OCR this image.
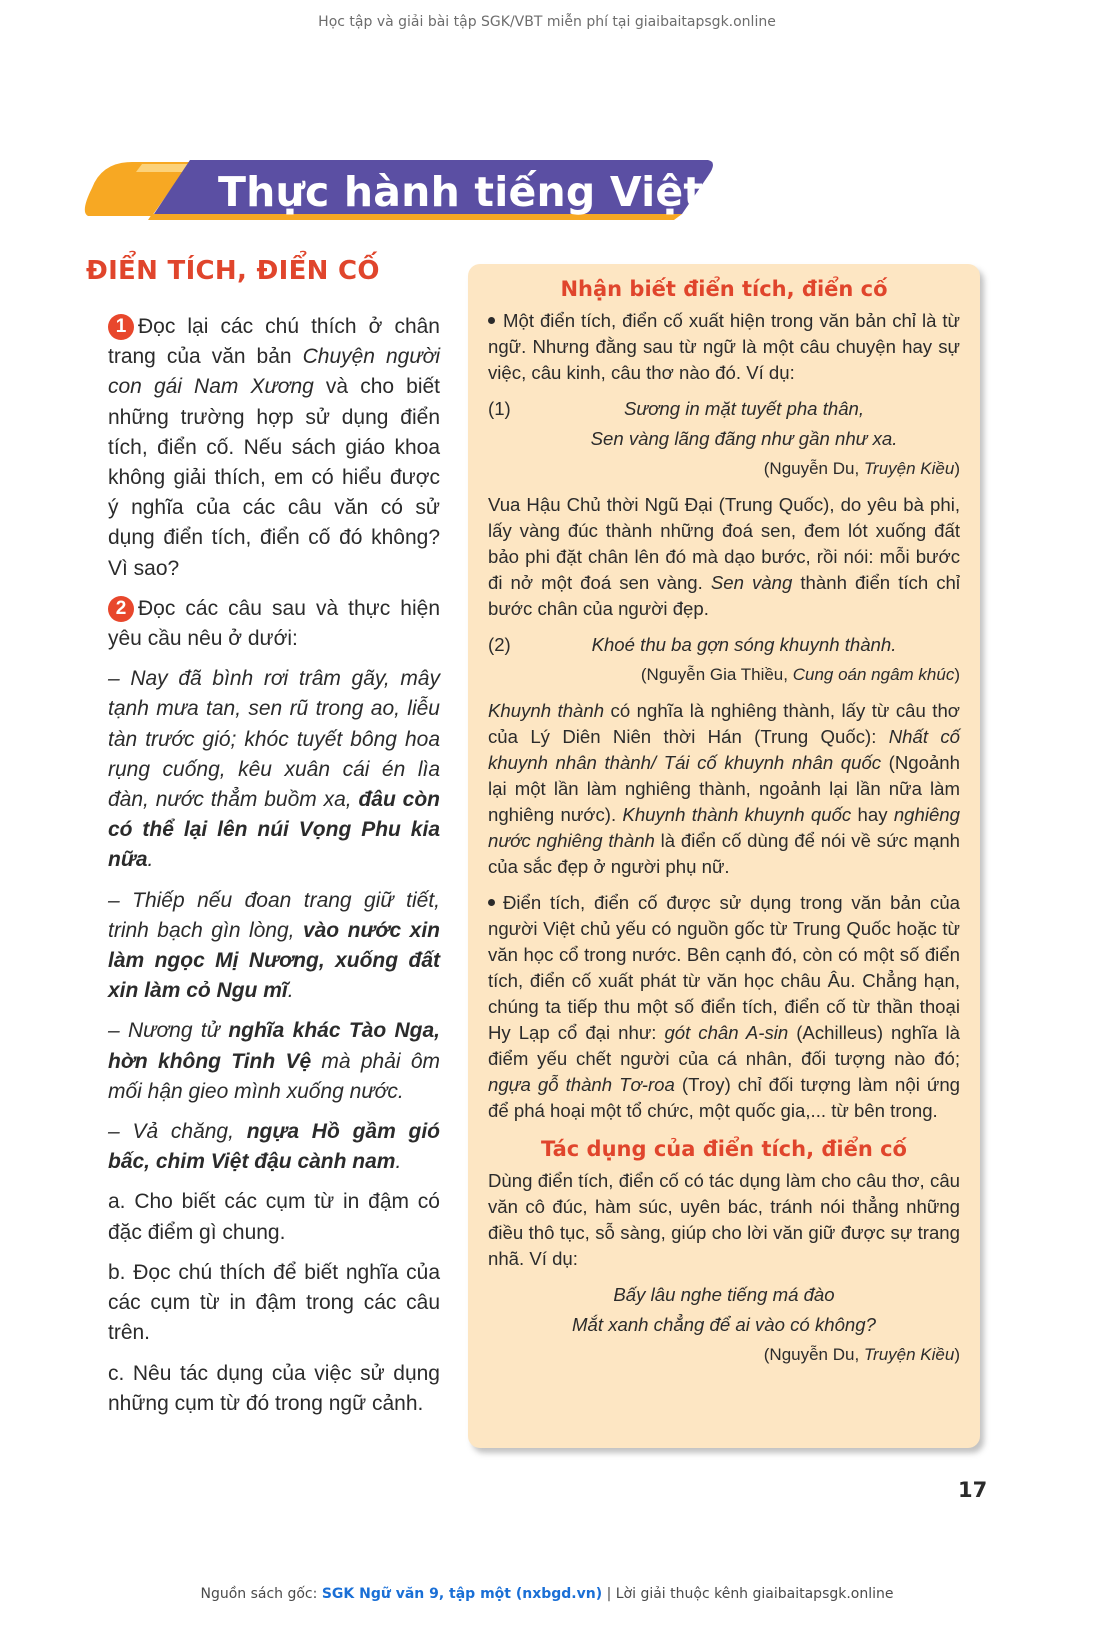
Học tập và giải bài tập SGK/VBT miễn phí tại giaibaitapsgk.online
Thực hành tiếng Việt
ĐIỂN TÍCH, ĐIỂN CỐ

1 Đọc lại các chú thích ở chân trang của văn bản Chuyện người con gái Nam Xương và cho biết những trường hợp sử dụng điển tích, điển cố. Nếu sách giáo khoa không giải thích, em có hiểu được ý nghĩa của các câu văn có sử dụng điển tích, điển cố đó không? Vì sao?

2 Đọc các câu sau và thực hiện yêu cầu nêu ở dưới:

– Nay đã bình rơi trâm gãy, mây tạnh mưa tan, sen rũ trong ao, liễu tàn trước gió; khóc tuyết bông hoa rụng cuống, kêu xuân cái én lìa đàn, nước thẳm buồm xa, đâu còn có thể lại lên núi Vọng Phu kia nữa.

– Thiếp nếu đoan trang giữ tiết, trinh bạch gìn lòng, vào nước xin làm ngọc Mị Nương, xuống đất xin làm cỏ Ngu mĩ.

– Nương tử nghĩa khác Tào Nga, hờn không Tinh Vệ mà phải ôm mối hận gieo mình xuống nước.

– Vả chăng, ngựa Hồ gầm gió bấc, chim Việt đậu cành nam.

a. Cho biết các cụm từ in đậm có đặc điểm gì chung.

b. Đọc chú thích để biết nghĩa của các cụm từ in đậm trong các câu trên.

c. Nêu tác dụng của việc sử dụng những cụm từ đó trong ngữ cảnh.

Nhận biết điển tích, điển cố

Một điển tích, điển cố xuất hiện trong văn bản chỉ là từ ngữ. Nhưng đằng sau từ ngữ là một câu chuyện hay sự việc, câu kinh, câu thơ nào đó. Ví dụ:

(1)	Sương in mặt tuyết pha thân,
Sen vàng lãng đãng như gần như xa.

(Nguyễn Du, Truyện Kiều)

Vua Hậu Chủ thời Ngũ Đại (Trung Quốc), do yêu bà phi, lấy vàng đúc thành những đoá sen, đem lót xuống đất bảo phi đặt chân lên đó mà dạo bước, rồi nói: mỗi bước đi nở một đoá sen vàng. Sen vàng thành điển tích chỉ bước chân của người đẹp.

(2)	Khoé thu ba gợn sóng khuynh thành.

(Nguyễn Gia Thiều, Cung oán ngâm khúc)

Khuynh thành có nghĩa là nghiêng thành, lấy từ câu thơ của Lý Diên Niên thời Hán (Trung Quốc): Nhất cố khuynh nhân thành/ Tái cố khuynh nhân quốc (Ngoảnh lại một lần làm nghiêng thành, ngoảnh lại lần nữa làm nghiêng nước). Khuynh thành khuynh quốc hay nghiêng nước nghiêng thành là điển cố dùng để nói về sức mạnh của sắc đẹp ở người phụ nữ.

Điển tích, điển cố được sử dụng trong văn bản của người Việt chủ yếu có nguồn gốc từ Trung Quốc hoặc từ văn học cổ trong nước. Bên cạnh đó, còn có một số điển tích, điển cố xuất phát từ văn học châu Âu. Chẳng hạn, chúng ta tiếp thu một số điển tích, điển cố từ thần thoại Hy Lạp cổ đại như: gót chân A-sin (Achilleus) nghĩa là điểm yếu chết người của cá nhân, đối tượng nào đó; ngựa gỗ thành Tơ-roa (Troy) chỉ đối tượng làm nội ứng để phá hoại một tổ chức, một quốc gia,... từ bên trong.

Tác dụng của điển tích, điển cố

Dùng điển tích, điển cố có tác dụng làm cho câu thơ, câu văn cô đúc, hàm súc, uyên bác, tránh nói thẳng những điều thô tục, sỗ sàng, giúp cho lời văn giữ được sự trang nhã. Ví dụ:

Bấy lâu nghe tiếng má đào

Mắt xanh chẳng để ai vào có không?

(Nguyễn Du, Truyện Kiều)

17
Nguồn sách gốc: SGK Ngữ văn 9, tập một (nxbgd.vn) | Lời giải thuộc kênh giaibaitapsgk.online
